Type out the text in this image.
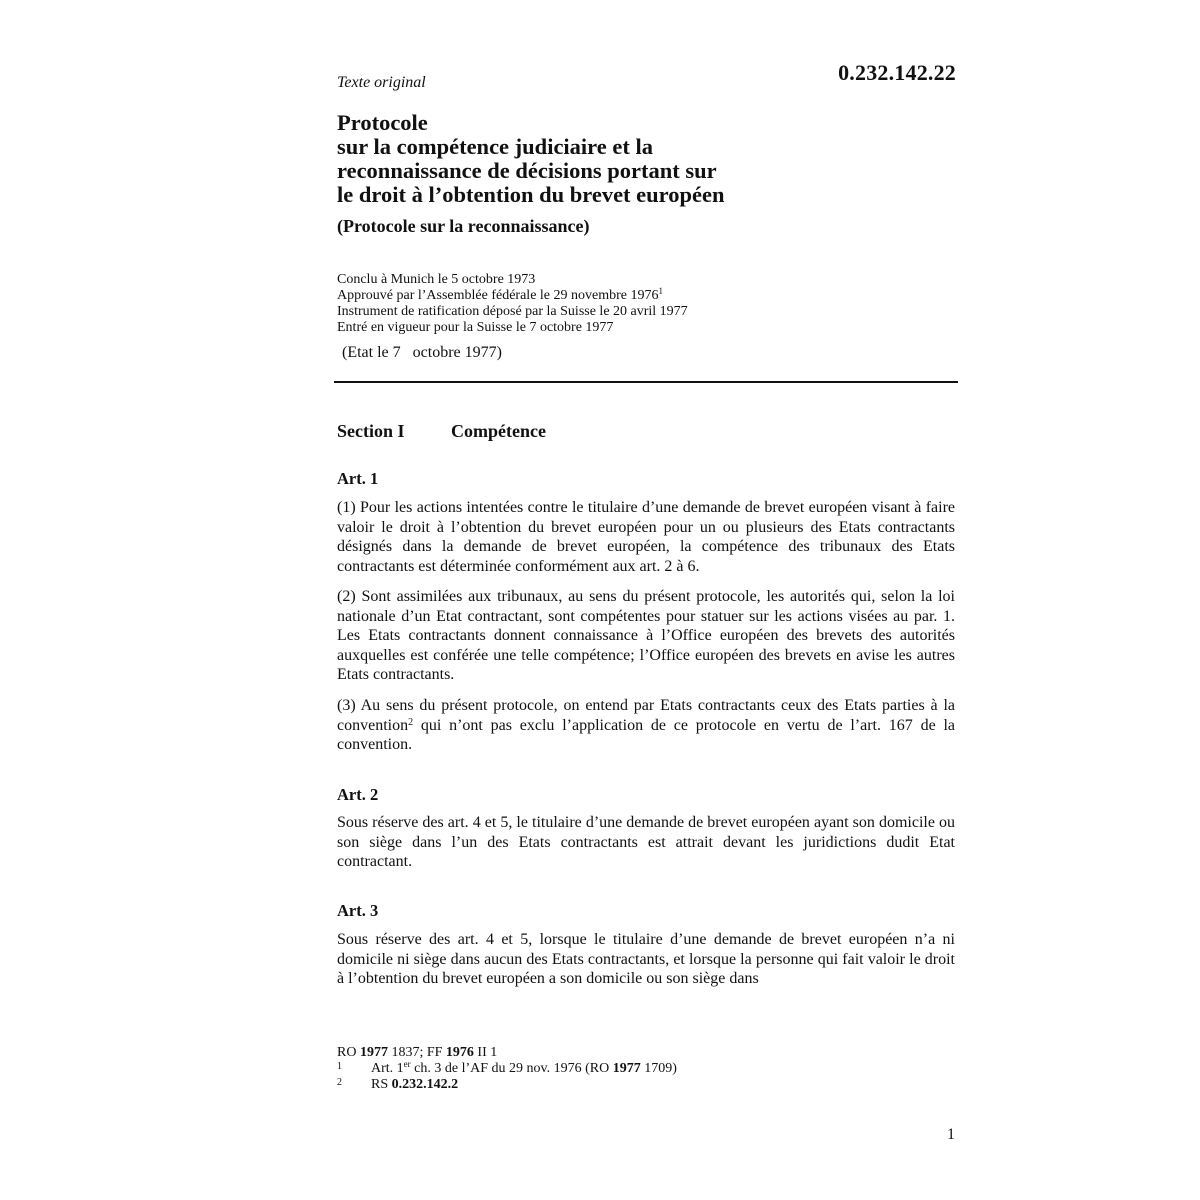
0.232.142.22
Texte original
Protocole
sur la compétence judiciaire et la
reconnaissance de décisions portant sur
le droit à l’obtention du brevet européen
(Protocole sur la reconnaissance)
Conclu à Munich le 5 octobre 1973
Approuvé par l’Assemblée fédérale le 29 novembre 1976$^1$
Instrument de ratification déposé par la Suisse le 20 avril 1977
Entré en vigueur pour la Suisse le 7 octobre 1977
(Etat le 7   octobre 1977)
Section I	Compétence
Art. 1
(1) Pour les actions intentées contre le titulaire d’une demande de brevet européen visant à faire valoir le droit à l’obtention du brevet européen pour un ou plusieurs des Etats contractants désignés dans la demande de brevet européen, la compétence des tribunaux des Etats contractants est déterminée conformément aux art. 2 à 6.
(2) Sont assimilées aux tribunaux, au sens du présent protocole, les autorités qui, selon la loi nationale d’un Etat contractant, sont compétentes pour statuer sur les actions visées au par. 1. Les Etats contractants donnent connaissance à l’Office européen des brevets des autorités auxquelles est conférée une telle compétence; l’Office européen des brevets en avise les autres Etats contractants.
(3) Au sens du présent protocole, on entend par Etats contractants ceux des Etats parties à la convention$^2$ qui n’ont pas exclu l’application de ce protocole en vertu de l’art. 167 de la convention.
Art. 2
Sous réserve des art. 4 et 5, le titulaire d’une demande de brevet européen ayant son domicile ou son siège dans l’un des Etats contractants est attrait devant les juridictions dudit Etat contractant.
Art. 3
Sous réserve des art. 4 et 5, lorsque le titulaire d’une demande de brevet européen n’a ni domicile ni siège dans aucun des Etats contractants, et lorsque la personne qui fait valoir le droit à l’obtention du brevet européen a son domicile ou son siège dans
RO 1977 1837; FF 1976 II 1
1 Art. 1er ch. 3 de l’AF du 29 nov. 1976 (RO 1977 1709)
2 RS 0.232.142.2
1
